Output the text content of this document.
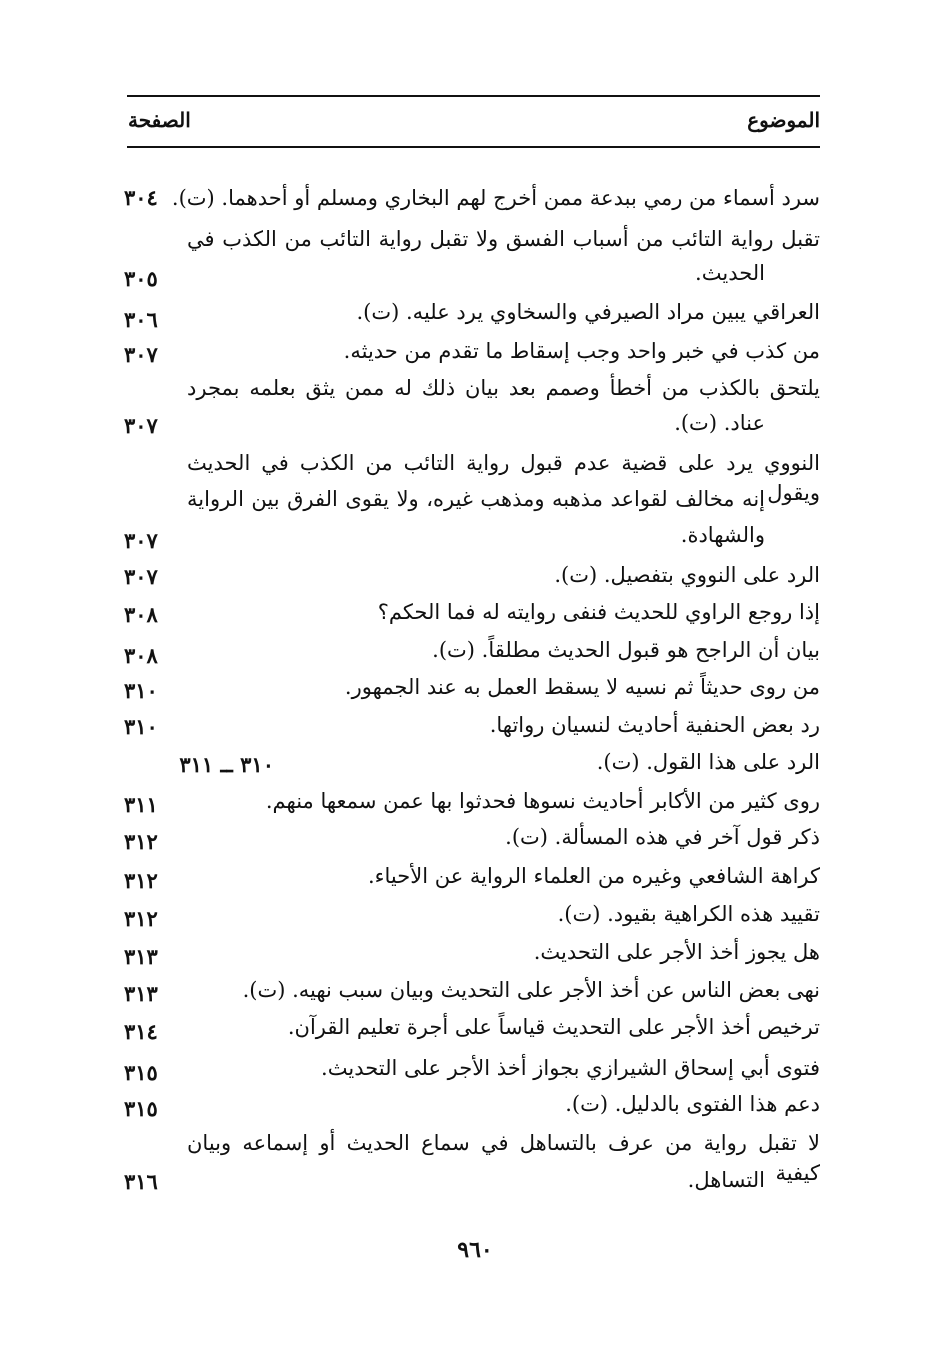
الموضوع
الصفحة
سرد أسماء من رمي ببدعة ممن أخرج لهم البخاري ومسلم أو أحدهما. (ت).
٣٠٤
تقبل رواية التائب من أسباب الفسق ولا تقبل رواية التائب من الكذب في
الحديث.
٣٠٥
العراقي يبين مراد الصيرفي والسخاوي يرد عليه. (ت).
٣٠٦
من كذب في خبر واحد وجب إسقاط ما تقدم من حديثه.
٣٠٧
يلتحق بالكذب من أخطأ وصمم بعد بيان ذلك له ممن يثق بعلمه بمجرد
عناد. (ت).
٣٠٧
النووي يرد على قضية عدم قبول رواية التائب من الكذب في الحديث ويقول
إنه مخالف لقواعد مذهبه ومذهب غيره، ولا يقوى الفرق بين الرواية
والشهادة.
٣٠٧
الرد على النووي بتفصيل. (ت).
٣٠٧
إذا روجع الراوي للحديث فنفى روايته له فما الحكم؟
٣٠٨
بيان أن الراجح هو قبول الحديث مطلقاً. (ت).
٣٠٨
من روى حديثاً ثم نسيه لا يسقط العمل به عند الجمهور.
٣١٠
رد بعض الحنفية أحاديث لنسيان رواتها.
٣١٠
الرد على هذا القول. (ت).
٣١٠ ــ ٣١١
روى كثير من الأكابر أحاديث نسوها فحدثوا بها عمن سمعها منهم.
٣١١
ذكر قول آخر في هذه المسألة. (ت).
٣١٢
كراهة الشافعي وغيره من العلماء الرواية عن الأحياء.
٣١٢
تقييد هذه الكراهية بقيود. (ت).
٣١٢
هل يجوز أخذ الأجر على التحديث.
٣١٣
نهى بعض الناس عن أخذ الأجر على التحديث وبيان سبب نهيه. (ت).
٣١٣
ترخيص أخذ الأجر على التحديث قياساً على أجرة تعليم القرآن.
٣١٤
فتوى أبي إسحاق الشيرازي بجواز أخذ الأجر على التحديث.
٣١٥
دعم هذا الفتوى بالدليل. (ت).
٣١٥
لا تقبل رواية من عرف بالتساهل في سماع الحديث أو إسماعه وبيان كيفية
التساهل.
٣١٦
٩٦٠
